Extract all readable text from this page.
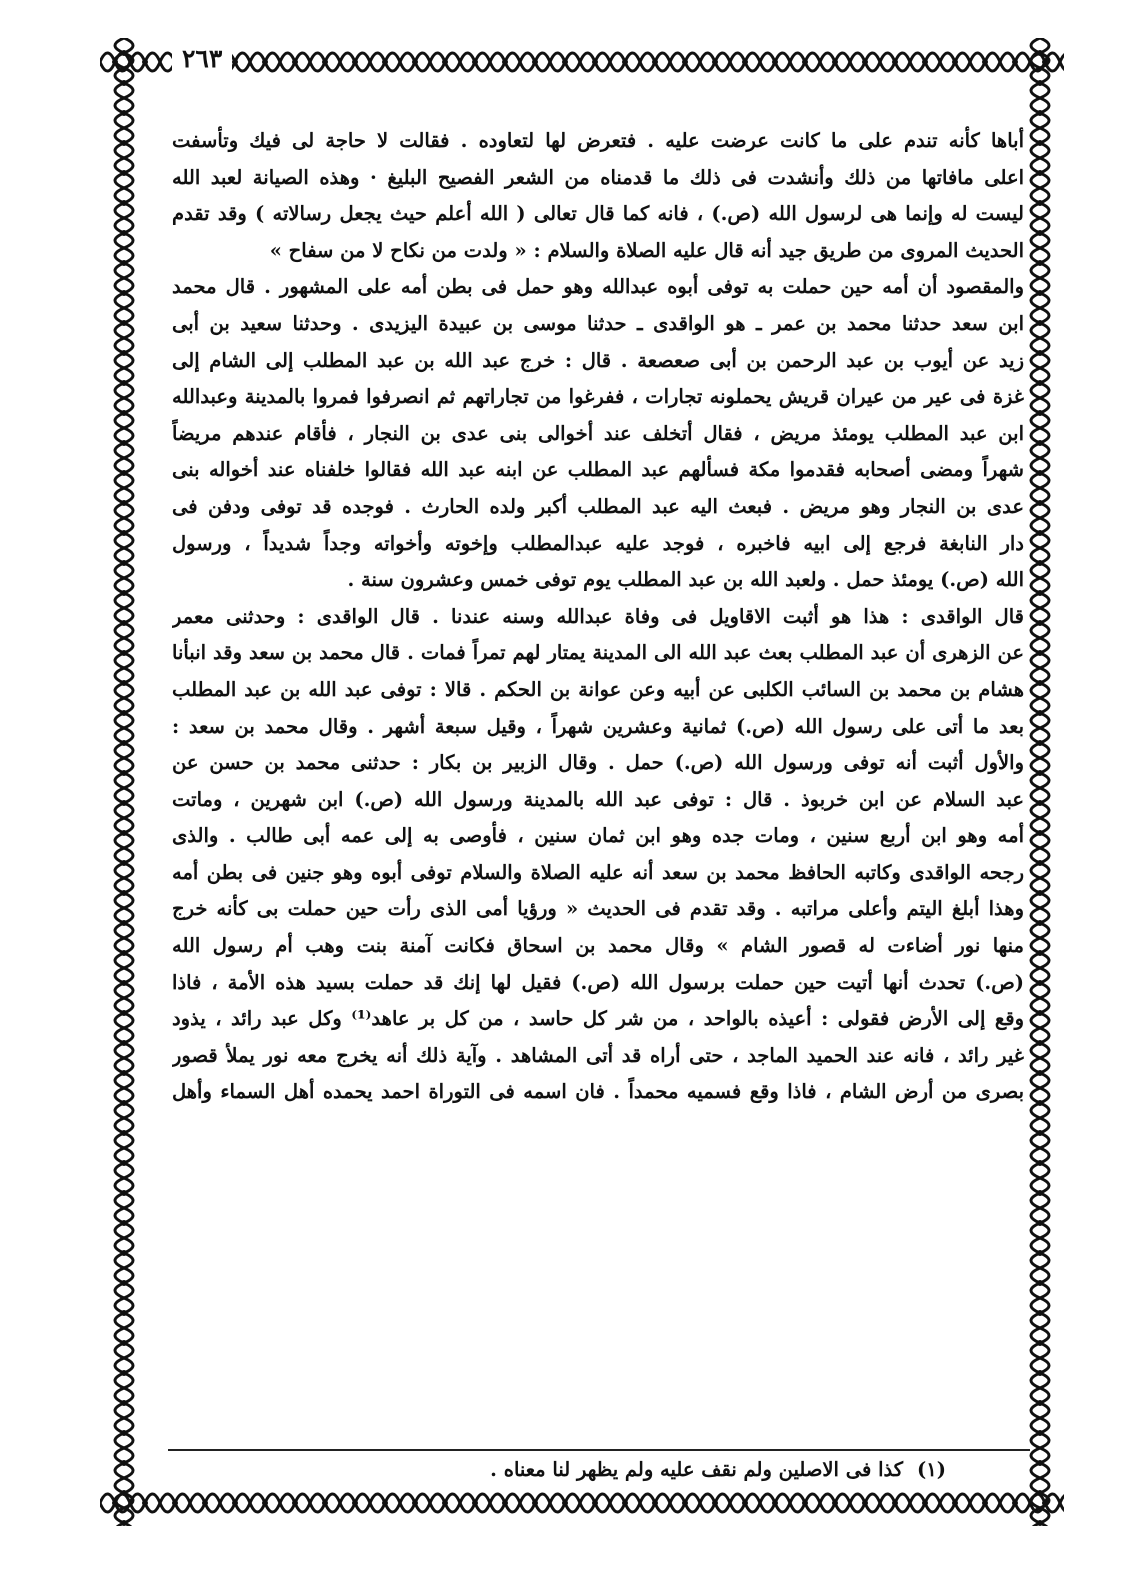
٢٦٣
أباها كأنه تندم على ما كانت عرضت عليه . فتعرض لها لتعاوده . فقالت لا حاجة لى فيك وتأسفت
اعلى مافاتها من ذلك وأنشدت فى ذلك ما قدمناه من الشعر الفصيح البليغ · وهذه الصيانة لعبد الله
ليست له وإنما هى لرسول الله (ص.) ، فانه كما قال تعالى ( الله أعلم حيث يجعل رسالاته ) وقد تقدم
الحديث المروى من طريق جيد أنه قال عليه الصلاة والسلام : « ولدت من نكاح لا من سفاح »
والمقصود أن أمه حين حملت به توفى أبوه عبدالله وهو حمل فى بطن أمه على المشهور . قال محمد
ابن سعد حدثنا محمد بن عمر ـ هو الواقدى ـ حدثنا موسى بن عبيدة اليزيدى . وحدثنا سعيد بن أبى
زيد عن أيوب بن عبد الرحمن بن أبى صعصعة . قال : خرج عبد الله بن عبد المطلب إلى الشام إلى
غزة فى عير من عيران قريش يحملونه تجارات ، ففرغوا من تجاراتهم ثم انصرفوا فمروا بالمدينة وعبدالله
ابن عبد المطلب يومئذ مريض ، فقال أتخلف عند أخوالى بنى عدى بن النجار ، فأقام عندهم مريضاً
شهراً ومضى أصحابه فقدموا مكة فسألهم عبد المطلب عن ابنه عبد الله فقالوا خلفناه عند أخواله بنى
عدى بن النجار وهو مريض . فبعث اليه عبد المطلب أكبر ولده الحارث . فوجده قد توفى ودفن فى
دار النابغة فرجع إلى ابيه فاخبره ، فوجد عليه عبدالمطلب وإخوته وأخواته وجداً شديداً ، ورسول
الله (ص.) يومئذ حمل . ولعبد الله بن عبد المطلب يوم توفى خمس وعشرون سنة .
قال الواقدى : هذا هو أثبت الاقاويل فى وفاة عبدالله وسنه عندنا . قال الواقدى : وحدثنى معمر
عن الزهرى أن عبد المطلب بعث عبد الله الى المدينة يمتار لهم تمراً فمات . قال محمد بن سعد وقد انبأنا
هشام بن محمد بن السائب الكلبى عن أبيه وعن عوانة بن الحكم . قالا : توفى عبد الله بن عبد المطلب
بعد ما أتى على رسول الله (ص.) ثمانية وعشرين شهراً ، وقيل سبعة أشهر . وقال محمد بن سعد :
والأول أثبت أنه توفى ورسول الله (ص.) حمل . وقال الزبير بن بكار : حدثنى محمد بن حسن عن
عبد السلام عن ابن خربوذ . قال : توفى عبد الله بالمدينة ورسول الله (ص.) ابن شهرين ، وماتت
أمه وهو ابن أربع سنين ، ومات جده وهو ابن ثمان سنين ، فأوصى به إلى عمه أبى طالب . والذى
رجحه الواقدى وكاتبه الحافظ محمد بن سعد أنه عليه الصلاة والسلام توفى أبوه وهو جنين فى بطن أمه
وهذا أبلغ اليتم وأعلى مراتبه . وقد تقدم فى الحديث « ورؤيا أمى الذى رأت حين حملت بى كأنه خرج
منها نور أضاءت له قصور الشام » وقال محمد بن اسحاق فكانت آمنة بنت وهب أم رسول الله
(ص.) تحدث أنها أتيت حين حملت برسول الله (ص.) فقيل لها إنك قد حملت بسيد هذه الأمة ، فاذا
وقع إلى الأرض فقولى : أعيذه بالواحد ، من شر كل حاسد ، من كل بر عاهد⁽¹⁾ وكل عبد رائد ، يذود
غير رائد ، فانه عند الحميد الماجد ، حتى أراه قد أتى المشاهد . وآية ذلك أنه يخرج معه نور يملأ قصور
بصرى من أرض الشام ، فاذا وقع فسميه محمداً . فان اسمه فى التوراة احمد يحمده أهل السماء وأهل
(١)كذا فى الاصلين ولم نقف عليه ولم يظهر لنا معناه .
